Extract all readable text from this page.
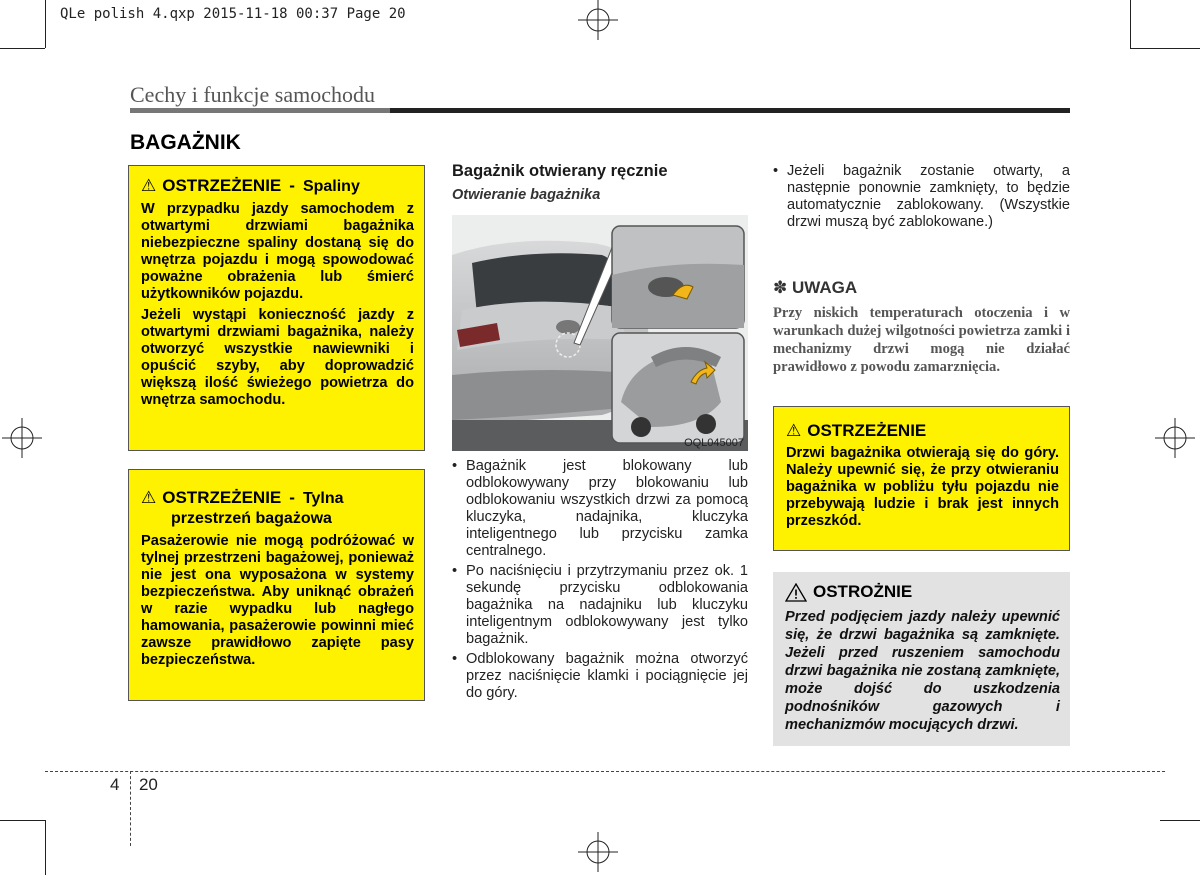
QLe polish 4.qxp 2015-11-18 00:37 Page 20
Cechy i funkcje samochodu
BAGAŻNIK
⚠ OSTRZEŻENIE - Spaliny

W przypadku jazdy samochodem z otwartymi drzwiami bagażnika niebezpieczne spaliny dostaną się do wnętrza pojazdu i mogą spowodować poważne obrażenia lub śmierć użytkowników pojazdu.

Jeżeli wystąpi konieczność jazdy z otwartymi drzwiami bagażnika, należy otworzyć wszystkie nawiewniki i opuścić szyby, aby doprowadzić większą ilość świeżego powietrza do wnętrza samochodu.

⚠ OSTRZEŻENIE - Tylna
przestrzeń bagażowa
Pasażerowie nie mogą podróżować w tylnej przestrzeni bagażowej, ponieważ nie jest ona wyposażona w systemy bezpieczeństwa. Aby uniknąć obrażeń w razie wypadku lub nagłego hamowania, pasażerowie powinni mieć zawsze prawidłowo zapięte pasy bezpieczeństwa.
Bagażnik otwierany ręcznie
Otwieranie bagażnika
OQL045007
• Bagażnik jest blokowany lub odblokowywany przy blokowaniu lub odblokowaniu wszystkich drzwi za pomocą kluczyka, nadajnika, kluczyka inteligentnego lub przycisku zamka centralnego.
• Po naciśnięciu i przytrzymaniu przez ok. 1 sekundę przycisku odblokowania bagażnika na nadajniku lub kluczyku inteligentnym odblokowywany jest tylko bagażnik.
• Odblokowany bagażnik można otworzyć przez naciśnięcie klamki i pociągnięcie jej do góry.
• Jeżeli bagażnik zostanie otwarty, a następnie ponownie zamknięty, to będzie automatycznie zablokowany. (Wszystkie drzwi muszą być zablokowane.)
✽ UWAGA
Przy niskich temperaturach otoczenia i w warunkach dużej wilgotności powietrza zamki i mechanizmy drzwi mogą nie działać prawidłowo z powodu zamarznięcia.
⚠ OSTRZEŻENIE
Drzwi bagażnika otwierają się do góry. Należy upewnić się, że przy otwieraniu bagażnika w pobliżu tyłu pojazdu nie przebywają ludzie i brak jest innych przeszkód.
OSTROŻNIE
Przed podjęciem jazdy należy upewnić się, że drzwi bagażnika są zamknięte. Jeżeli przed ruszeniem samochodu drzwi bagażnika nie zostaną zamknięte, może dojść do uszkodzenia podnośników gazowych i mechanizmów mocujących drzwi.
4 20
